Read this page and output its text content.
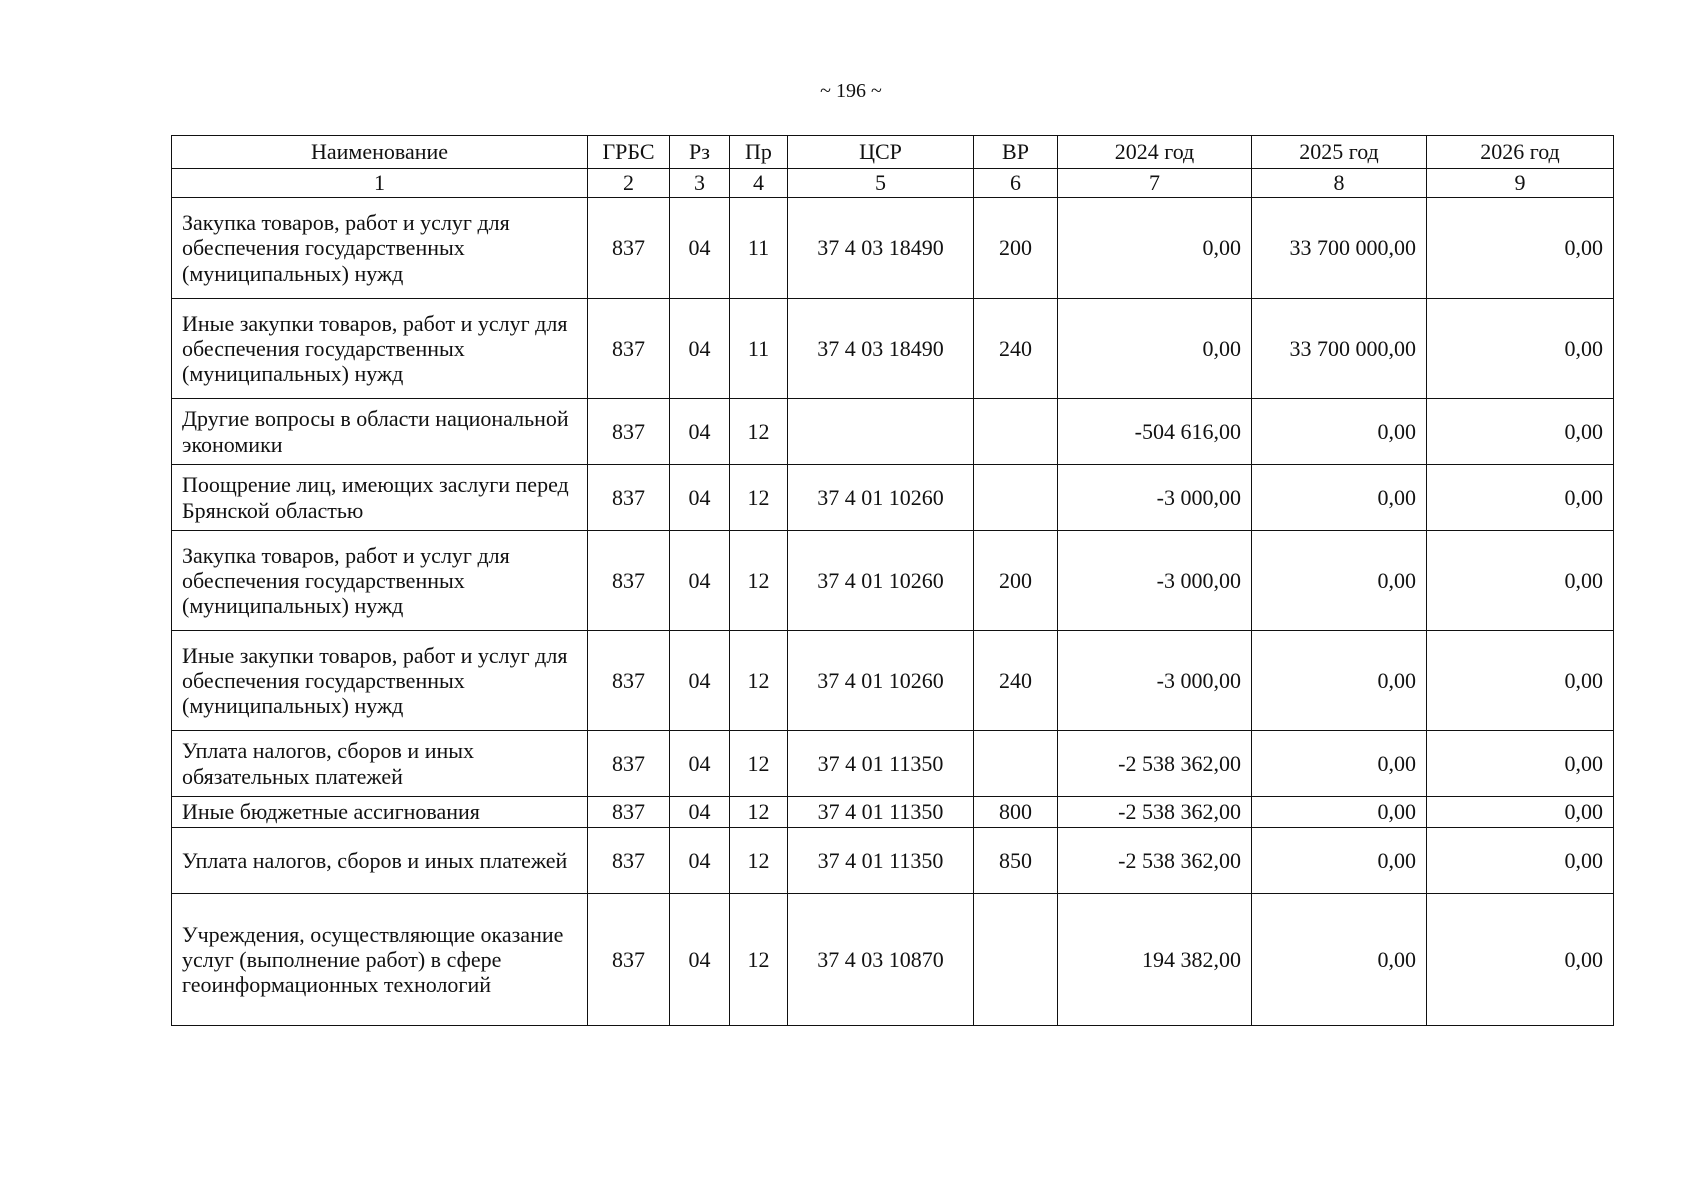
~ 196 ~
Наименование	ГРБС	Рз	Пр	ЦСР	ВР	2024 год	2025 год	2026 год
1	2	3	4	5	6	7	8	9
Закупка товаров, работ и услуг для обеспечения государственных (муниципальных) нужд	837	04	11	37 4 03 18490	200	0,00	33 700 000,00	0,00
Иные закупки товаров, работ и услуг для обеспечения государственных (муниципальных) нужд	837	04	11	37 4 03 18490	240	0,00	33 700 000,00	0,00
Другие вопросы в области национальной экономики	837	04	12			-504 616,00	0,00	0,00
Поощрение лиц, имеющих заслуги перед Брянской областью	837	04	12	37 4 01 10260		-3 000,00	0,00	0,00
Закупка товаров, работ и услуг для обеспечения государственных (муниципальных) нужд	837	04	12	37 4 01 10260	200	-3 000,00	0,00	0,00
Иные закупки товаров, работ и услуг для обеспечения государственных (муниципальных) нужд	837	04	12	37 4 01 10260	240	-3 000,00	0,00	0,00
Уплата налогов, сборов и иных обязательных платежей	837	04	12	37 4 01 11350		-2 538 362,00	0,00	0,00
Иные бюджетные ассигнования	837	04	12	37 4 01 11350	800	-2 538 362,00	0,00	0,00
Уплата налогов, сборов и иных платежей	837	04	12	37 4 01 11350	850	-2 538 362,00	0,00	0,00
Учреждения, осуществляющие оказание услуг (выполнение работ) в сфере геоинформационных технологий	837	04	12	37 4 03 10870		194 382,00	0,00	0,00
